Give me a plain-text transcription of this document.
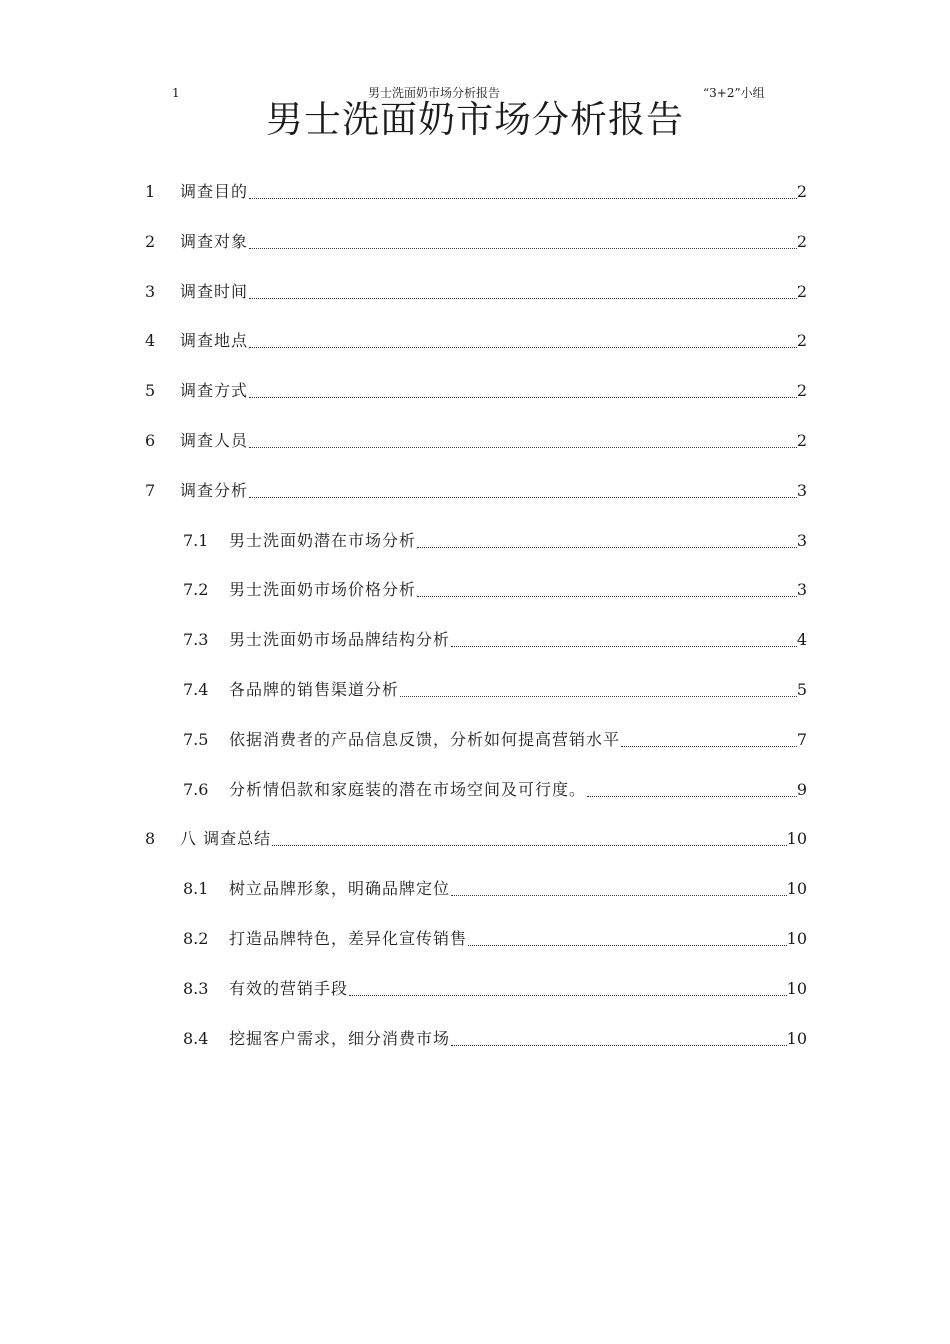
1	男士洗面奶市场分析报告	“3+2”小组
男士洗面奶市场分析报告
1 调查目的	2
2 调查对象	2
3 调查时间	2
4 调查地点	2
5 调查方式	2
6 调查人员	2
7 调查分析	3
7.1 男士洗面奶潜在市场分析	3
7.2 男士洗面奶市场价格分析	3
7.3 男士洗面奶市场品牌结构分析	4
7.4 各品牌的销售渠道分析	5
7.5 依据消费者的产品信息反馈，分析如何提高营销水平	7
7.6 分析情侣款和家庭装的潜在市场空间及可行度。	9
8 八 调查总结	10
8.1 树立品牌形象，明确品牌定位	10
8.2 打造品牌特色，差异化宣传销售	10
8.3 有效的营销手段	10
8.4 挖掘客户需求，细分消费市场	10
